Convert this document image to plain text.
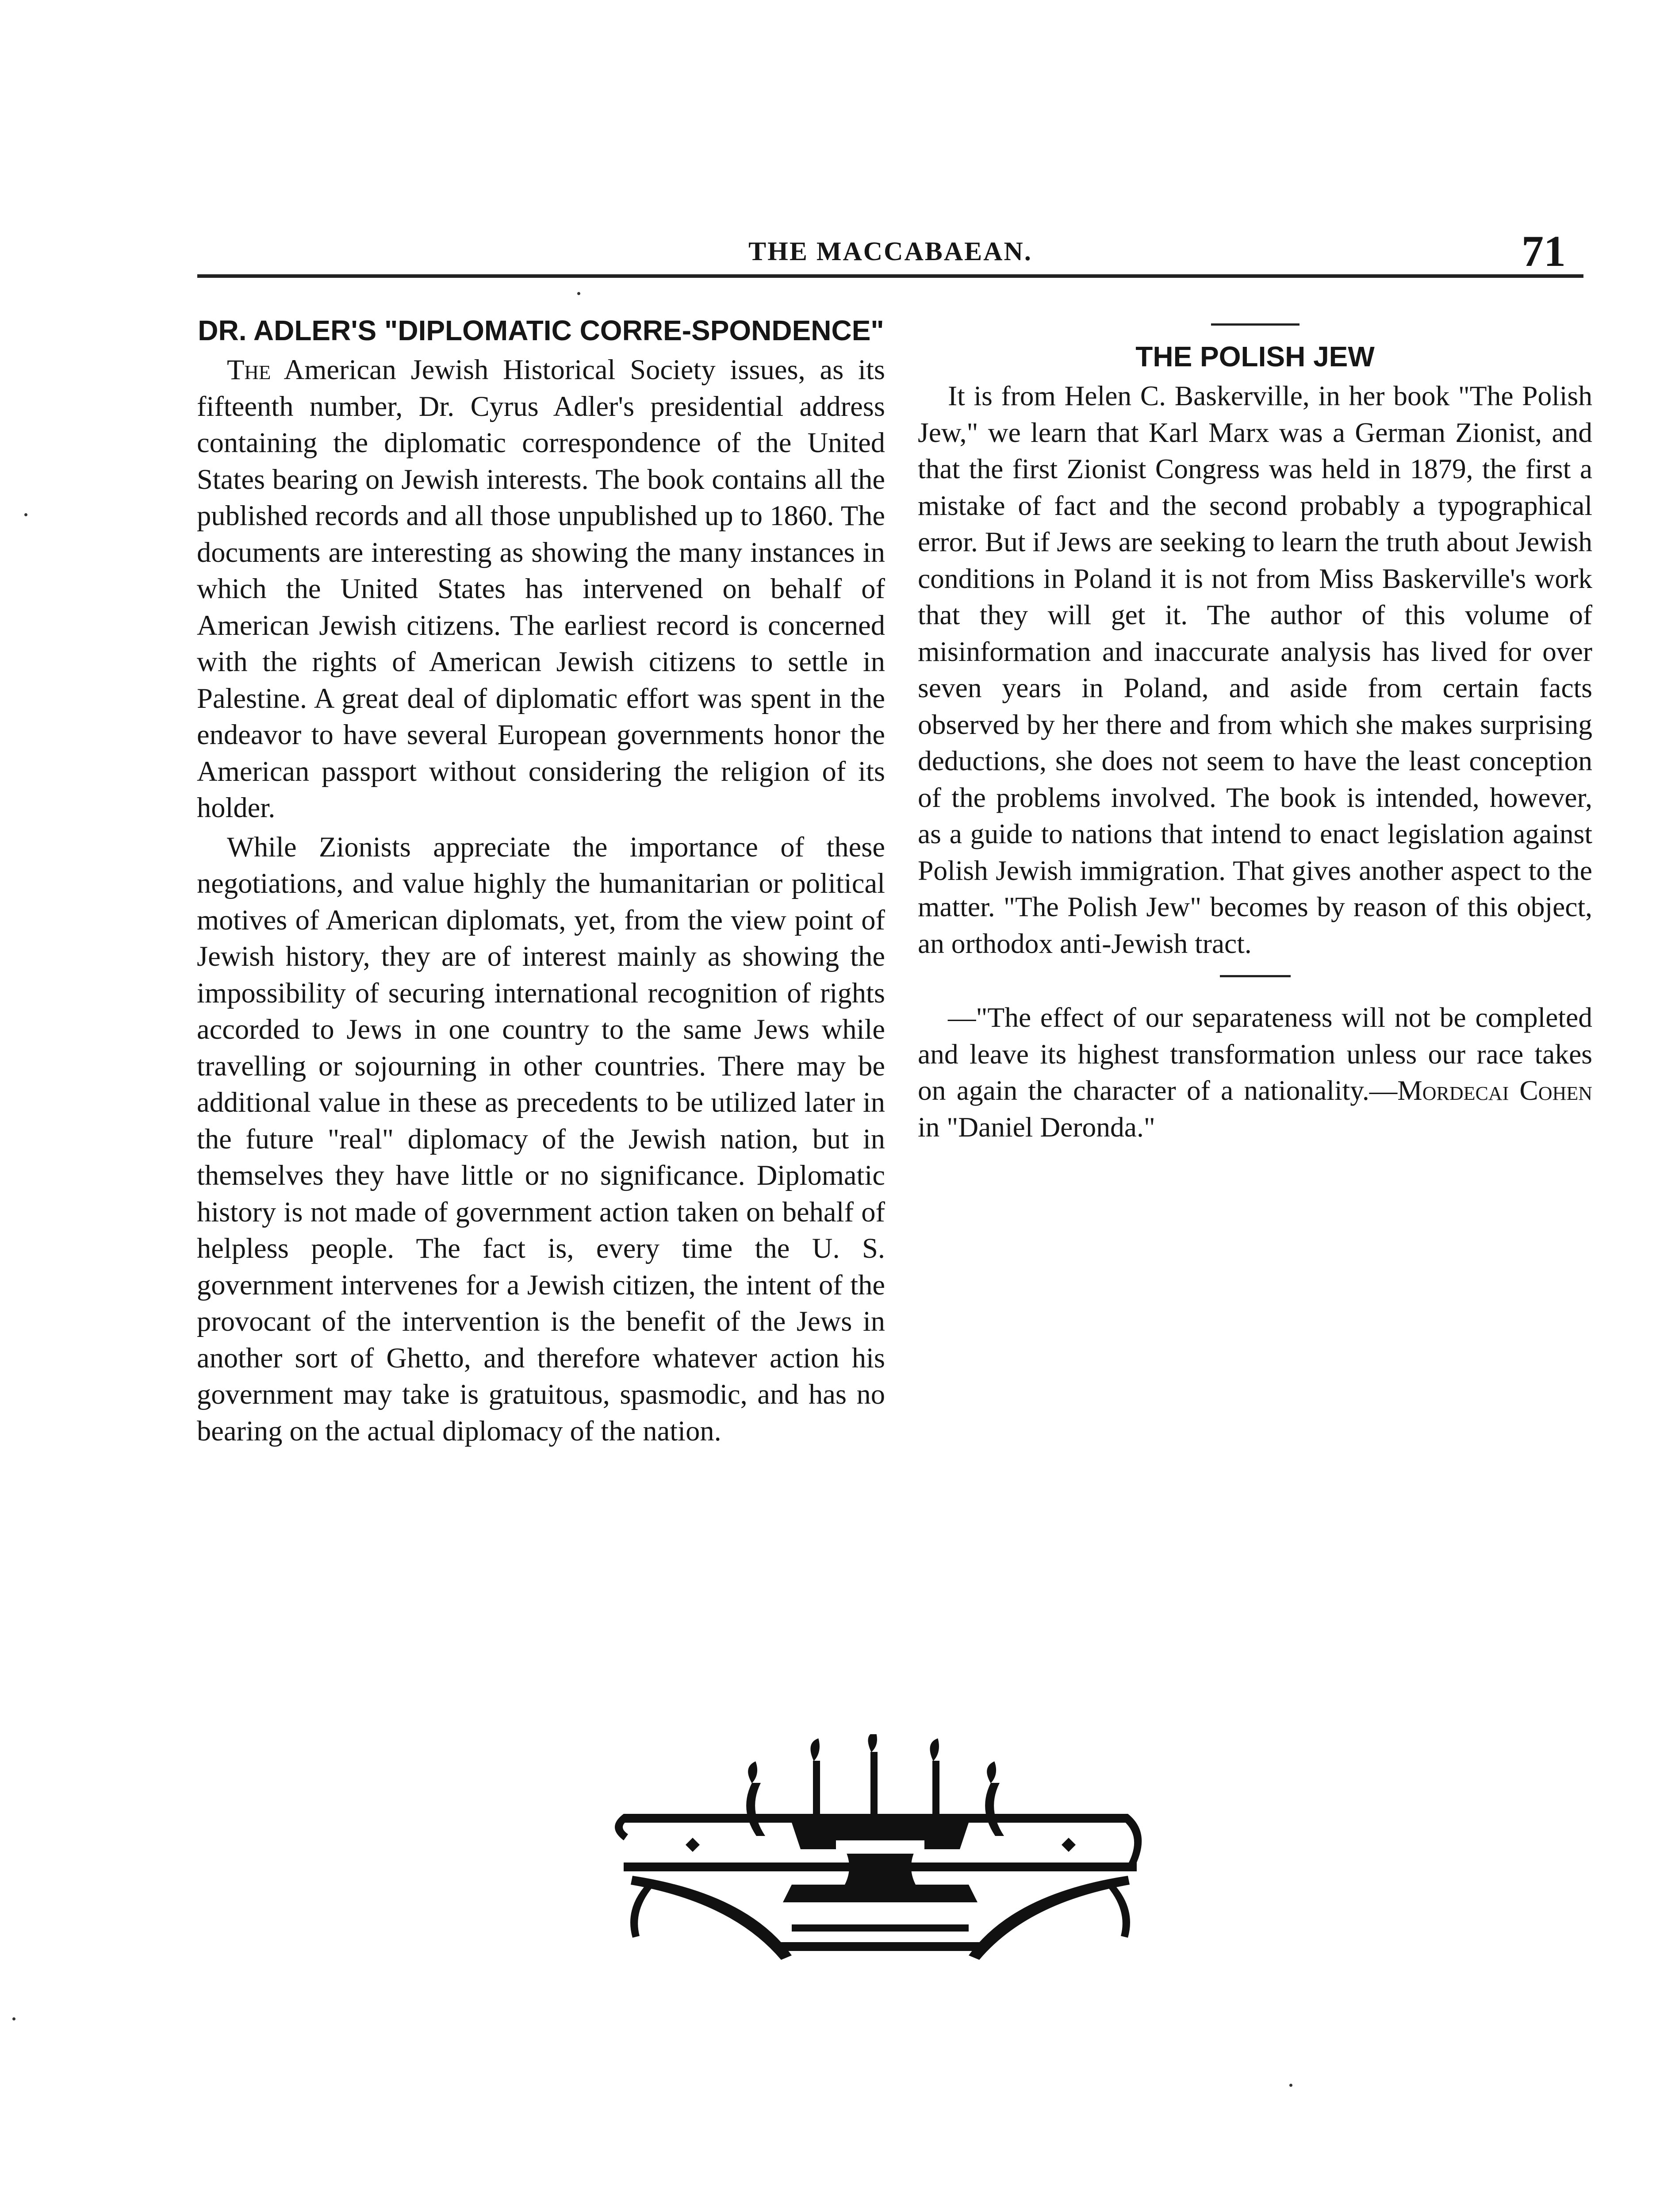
THE MACCABAEAN.	71
DR. ADLER'S "DIPLOMATIC CORRE-SPONDENCE"

The American Jewish Historical Society issues, as its fifteenth number, Dr. Cyrus Adler's presidential address containing the diplomatic correspondence of the United States bearing on Jewish interests. The book contains all the published records and all those unpublished up to 1860. The documents are interesting as showing the many instances in which the United States has intervened on behalf of American Jewish citizens. The earliest record is concerned with the rights of American Jewish citizens to settle in Palestine. A great deal of diplomatic effort was spent in the endeavor to have several European governments honor the American passport without considering the religion of its holder.

While Zionists appreciate the importance of these negotiations, and value highly the humanitarian or political motives of American diplomats, yet, from the view point of Jewish history, they are of interest mainly as showing the impossibility of securing international recognition of rights accorded to Jews in one country to the same Jews while travelling or sojourning in other countries. There may be additional value in these as precedents to be utilized later in the future "real" diplomacy of the Jewish nation, but in themselves they have little or no significance. Diplomatic history is not made of government action taken on behalf of helpless people. The fact is, every time the U. S. government intervenes for a Jewish citizen, the intent of the provocant of the intervention is the benefit of the Jews in another sort of Ghetto, and therefore whatever action his government may take is gratuitous, spasmodic, and has no bearing on the actual diplomacy of the nation.

THE POLISH JEW

It is from Helen C. Baskerville, in her book "The Polish Jew," we learn that Karl Marx was a German Zionist, and that the first Zionist Congress was held in 1879, the first a mistake of fact and the second probably a typographical error. But if Jews are seeking to learn the truth about Jewish conditions in Poland it is not from Miss Baskerville's work that they will get it. The author of this volume of misinformation and inaccurate analysis has lived for over seven years in Poland, and aside from certain facts observed by her there and from which she makes surprising deductions, she does not seem to have the least conception of the problems involved. The book is intended, however, as a guide to nations that intend to enact legislation against Polish Jewish immigration. That gives another aspect to the matter. "The Polish Jew" becomes by reason of this object, an orthodox anti-Jewish tract.

—"The effect of our separateness will not be completed and leave its highest transformation unless our race takes on again the character of a nationality.—Mordecai Cohen in "Daniel Deronda."
